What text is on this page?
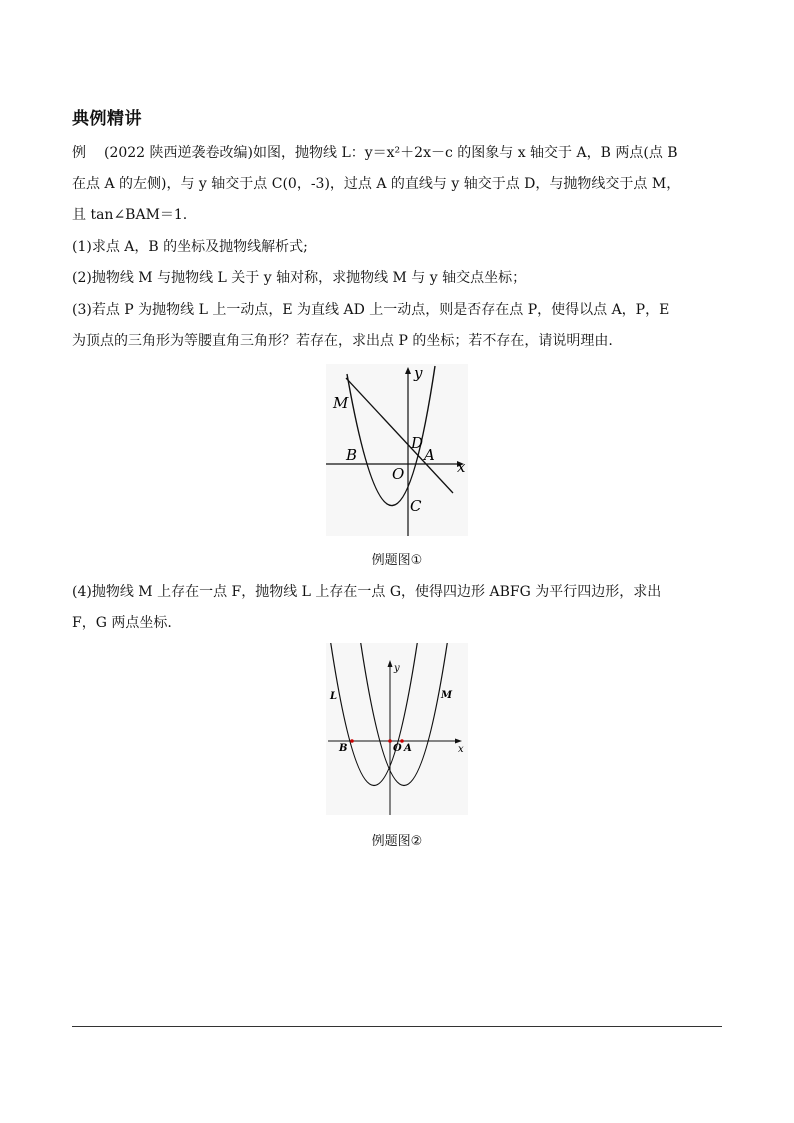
典例精讲
例 (2022 陕西逆袭卷改编)如图，抛物线 L：y＝x²＋2x－c 的图象与 x 轴交于 A，B 两点(点 B
在点 A 的左侧)，与 y 轴交于点 C(0，-3)，过点 A 的直线与 y 轴交于点 D，与抛物线交于点 M，
且 tan∠BAM＝1.
(1)求点 A，B 的坐标及抛物线解析式;
(2)抛物线 M 与抛物线 L 关于 y 轴对称，求抛物线 M 与 y 轴交点坐标；
(3)若点 P 为抛物线 L 上一动点，E 为直线 AD 上一动点，则是否存在点 P，使得以点 A，P，E
为顶点的三角形为等腰直角三角形？若存在，求出点 P 的坐标；若不存在，请说明理由.
y
x
M
B
O
D
A
C
例题图①
(4)抛物线 M 上存在一点 F，抛物线 L 上存在一点 G，使得四边形 ABFG 为平行四边形，求出
F，G 两点坐标.
y
x
L	M
B	O A
例题图②
